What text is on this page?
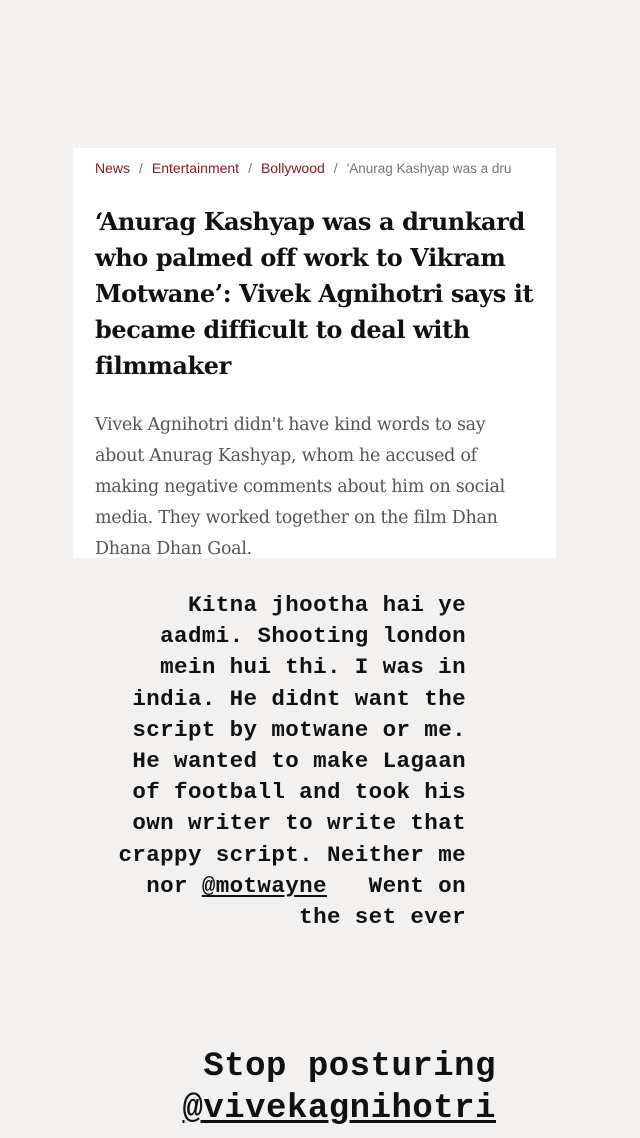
News / Entertainment / Bollywood / 'Anurag Kashyap was a dru
‘Anurag Kashyap was a drunkard who palmed off work to Vikram Motwane’: Vivek Agnihotri says it became difficult to deal with filmmaker

Vivek Agnihotri didn't have kind words to say about Anurag Kashyap, whom he accused of making negative comments about him on social media. They worked together on the film Dhan Dhana Dhan Goal.

Kitna jhootha hai ye aadmi. Shooting london mein hui thi. I was in india. He didnt want the script by motwane or me. He wanted to make Lagaan of football and took his own writer to write that crappy script. Neither me nor @motwayne Went on the set ever

Stop posturing @vivekagnihotri
